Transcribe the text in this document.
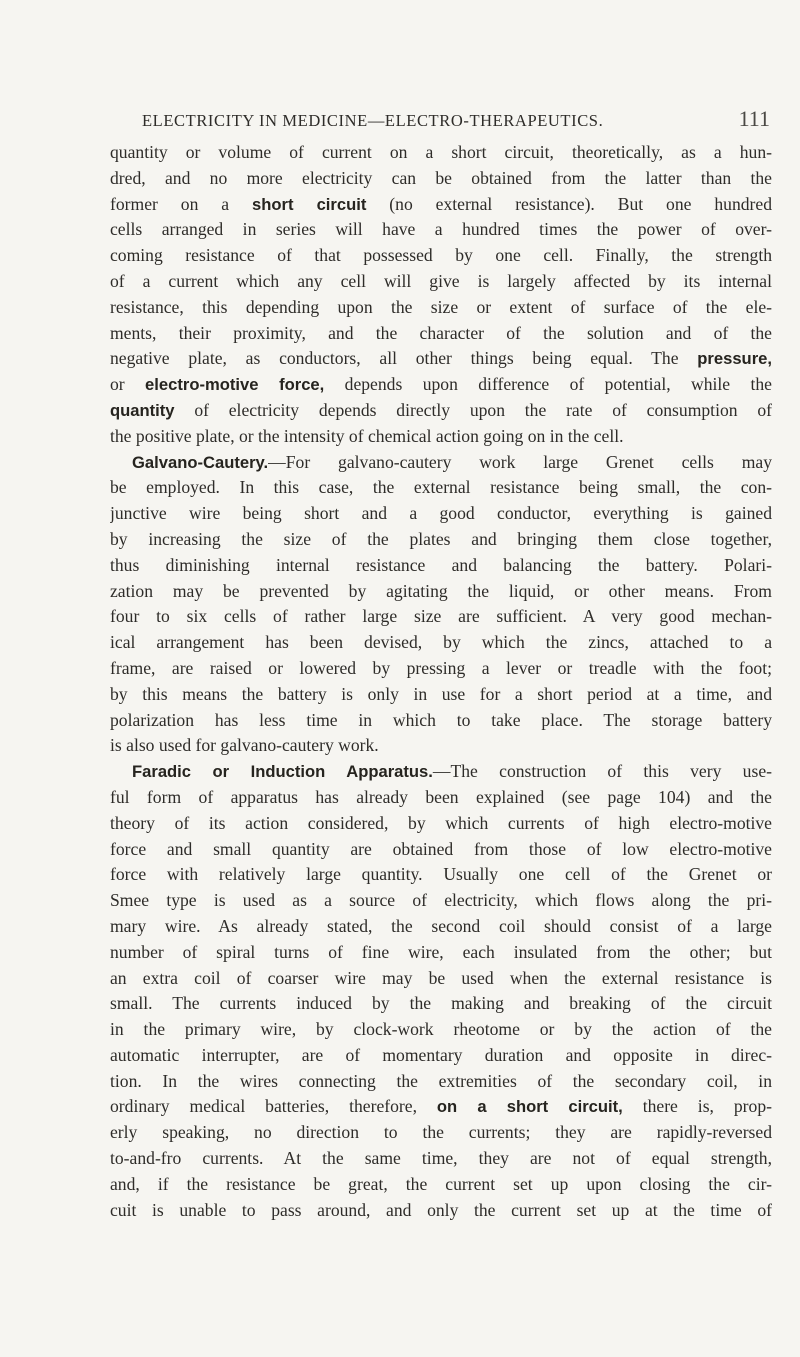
ELECTRICITY IN MEDICINE—ELECTRO-THERAPEUTICS.	111
quantity or volume of current on a short circuit, theoretically, as a hun-
dred, and no more electricity can be obtained from the latter than the
former on a short circuit (no external resistance). But one hundred
cells arranged in series will have a hundred times the power of over-
coming resistance of that possessed by one cell. Finally, the strength
of a current which any cell will give is largely affected by its internal
resistance, this depending upon the size or extent of surface of the ele-
ments, their proximity, and the character of the solution and of the
negative plate, as conductors, all other things being equal. The pressure,
or electro-motive force, depends upon difference of potential, while the
quantity of electricity depends directly upon the rate of consumption of
the positive plate, or the intensity of chemical action going on in the cell.
Galvano-Cautery.—For galvano-cautery work large Grenet cells may
be employed. In this case, the external resistance being small, the con-
junctive wire being short and a good conductor, everything is gained
by increasing the size of the plates and bringing them close together,
thus diminishing internal resistance and balancing the battery. Polari-
zation may be prevented by agitating the liquid, or other means. From
four to six cells of rather large size are sufficient. A very good mechan-
ical arrangement has been devised, by which the zincs, attached to a
frame, are raised or lowered by pressing a lever or treadle with the foot;
by this means the battery is only in use for a short period at a time, and
polarization has less time in which to take place. The storage battery
is also used for galvano-cautery work.
Faradic or Induction Apparatus.—The construction of this very use-
ful form of apparatus has already been explained (see page 104) and the
theory of its action considered, by which currents of high electro-motive
force and small quantity are obtained from those of low electro-motive
force with relatively large quantity. Usually one cell of the Grenet or
Smee type is used as a source of electricity, which flows along the pri-
mary wire. As already stated, the second coil should consist of a large
number of spiral turns of fine wire, each insulated from the other; but
an extra coil of coarser wire may be used when the external resistance is
small. The currents induced by the making and breaking of the circuit
in the primary wire, by clock-work rheotome or by the action of the
automatic interrupter, are of momentary duration and opposite in direc-
tion. In the wires connecting the extremities of the secondary coil, in
ordinary medical batteries, therefore, on a short circuit, there is, prop-
erly speaking, no direction to the currents; they are rapidly-reversed
to-and-fro currents. At the same time, they are not of equal strength,
and, if the resistance be great, the current set up upon closing the cir-
cuit is unable to pass around, and only the current set up at the time of
